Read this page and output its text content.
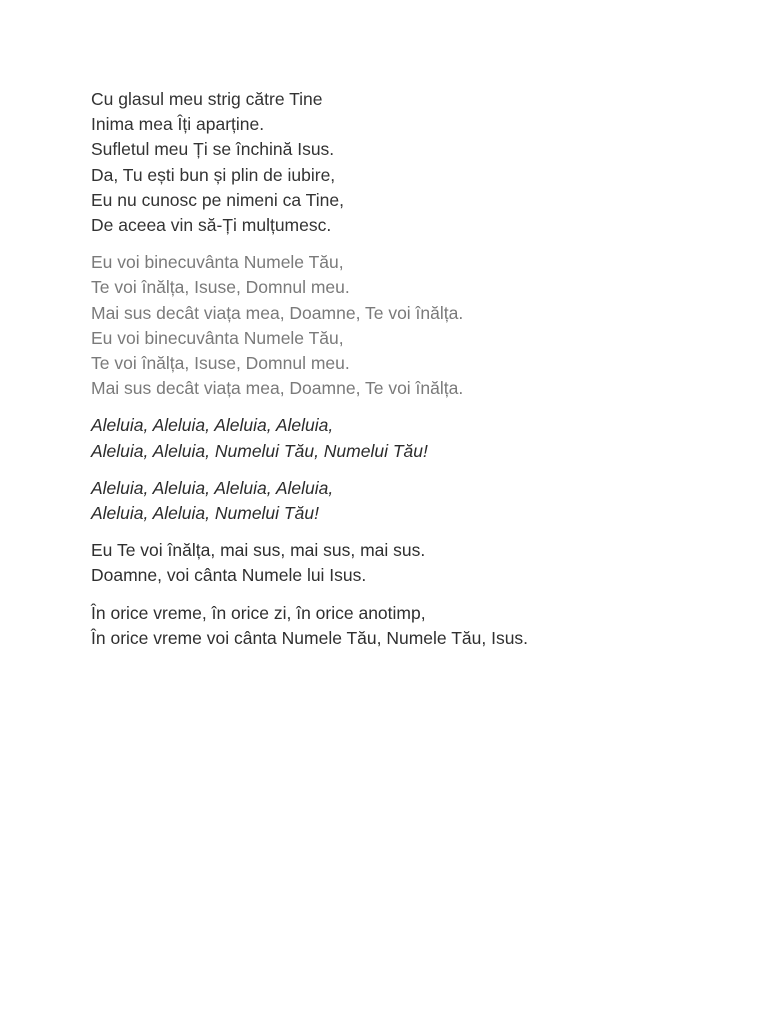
Cu glasul meu strig către Tine
Inima mea Îți aparține.
Sufletul meu Ți se închină Isus.
Da, Tu ești bun și plin de iubire,
Eu nu cunosc pe nimeni ca Tine,
De aceea vin să-Ți mulțumesc.
Eu voi binecuvânta Numele Tău,
Te voi înălța, Isuse, Domnul meu.
Mai sus decât viața mea, Doamne, Te voi înălța.
Eu voi binecuvânta Numele Tău,
Te voi înălța, Isuse, Domnul meu.
Mai sus decât viața mea, Doamne, Te voi înălța.
Aleluia, Aleluia, Aleluia, Aleluia,
Aleluia, Aleluia, Numelui Tău, Numelui Tău!
Aleluia, Aleluia, Aleluia, Aleluia,
Aleluia, Aleluia, Numelui Tău!
Eu Te voi înălța, mai sus, mai sus, mai sus.
Doamne, voi cânta Numele lui Isus.
În orice vreme, în orice zi, în orice anotimp,
În orice vreme voi cânta Numele Tău, Numele Tău, Isus.
